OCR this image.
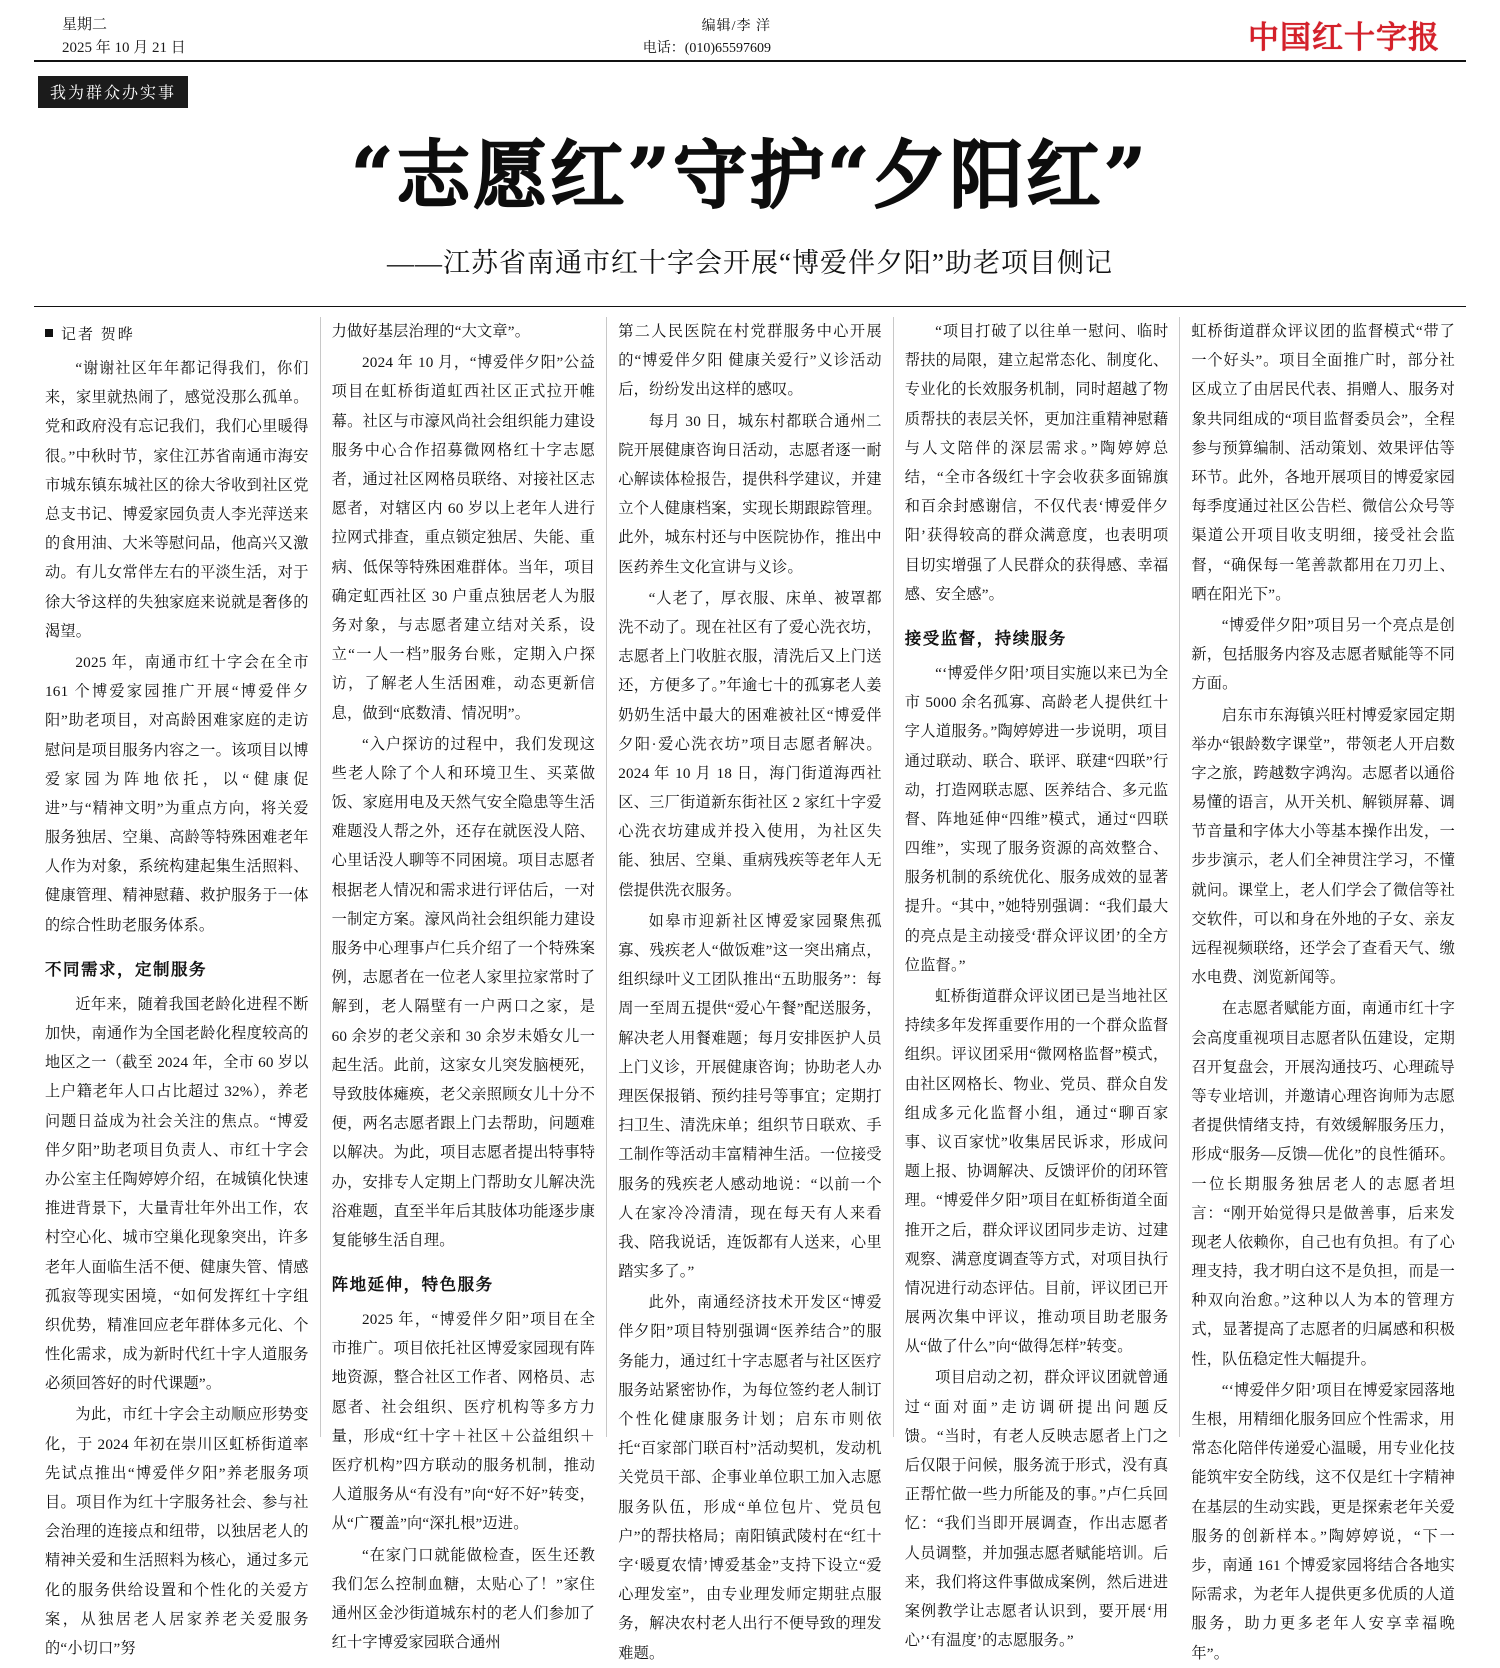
星期二
2025 年 10 月 21 日
编辑/李 洋
电话：(010)65597609	中国红十字报
我为群众办实事
“志愿红”守护“夕阳红”
——江苏省南通市红十字会开展“博爱伴夕阳”助老项目侧记
记者 贺晔

“谢谢社区年年都记得我们，你们来，家里就热闹了，感觉没那么孤单。党和政府没有忘记我们，我们心里暖得很。”中秋时节，家住江苏省南通市海安市城东镇东城社区的徐大爷收到社区党总支书记、博爱家园负责人李光萍送来的食用油、大米等慰问品，他高兴又激动。有儿女常伴左右的平淡生活，对于徐大爷这样的失独家庭来说就是奢侈的渴望。

2025 年，南通市红十字会在全市 161 个博爱家园推广开展“博爱伴夕阳”助老项目，对高龄困难家庭的走访慰问是项目服务内容之一。该项目以博爱家园为阵地依托，以“健康促进”与“精神文明”为重点方向，将关爱服务独居、空巢、高龄等特殊困难老年人作为对象，系统构建起集生活照料、健康管理、精神慰藉、救护服务于一体的综合性助老服务体系。

不同需求，定制服务

近年来，随着我国老龄化进程不断加快，南通作为全国老龄化程度较高的地区之一（截至 2024 年，全市 60 岁以上户籍老年人口占比超过 32%），养老问题日益成为社会关注的焦点。“博爱伴夕阳”助老项目负责人、市红十字会办公室主任陶婷婷介绍，在城镇化快速推进背景下，大量青壮年外出工作，农村空心化、城市空巢化现象突出，许多老年人面临生活不便、健康失管、情感孤寂等现实困境，“如何发挥红十字组织优势，精准回应老年群体多元化、个性化需求，成为新时代红十字人道服务必须回答好的时代课题”。

为此，市红十字会主动顺应形势变化，于 2024 年初在崇川区虹桥街道率先试点推出“博爱伴夕阳”养老服务项目。项目作为红十字服务社会、参与社会治理的连接点和纽带，以独居老人的精神关爱和生活照料为核心，通过多元化的服务供给设置和个性化的关爱方案，从独居老人居家养老关爱服务的“小切口”努

力做好基层治理的“大文章”。

2024 年 10 月，“博爱伴夕阳”公益项目在虹桥街道虹西社区正式拉开帷幕。社区与市濠风尚社会组织能力建设服务中心合作招募微网格红十字志愿者，通过社区网格员联络、对接社区志愿者，对辖区内 60 岁以上老年人进行拉网式排查，重点锁定独居、失能、重病、低保等特殊困难群体。当年，项目确定虹西社区 30 户重点独居老人为服务对象，与志愿者建立结对关系，设立“一人一档”服务台账，定期入户探访，了解老人生活困难，动态更新信息，做到“底数清、情况明”。

“入户探访的过程中，我们发现这些老人除了个人和环境卫生、买菜做饭、家庭用电及天然气安全隐患等生活难题没人帮之外，还存在就医没人陪、心里话没人聊等不同困境。项目志愿者根据老人情况和需求进行评估后，一对一制定方案。濠风尚社会组织能力建设服务中心理事卢仁兵介绍了一个特殊案例，志愿者在一位老人家里拉家常时了解到，老人隔壁有一户两口之家，是 60 余岁的老父亲和 30 余岁未婚女儿一起生活。此前，这家女儿突发脑梗死，导致肢体瘫痪，老父亲照顾女儿十分不便，两名志愿者跟上门去帮助，问题难以解决。为此，项目志愿者提出特事特办，安排专人定期上门帮助女儿解决洗浴难题，直至半年后其肢体功能逐步康复能够生活自理。

阵地延伸，特色服务

2025 年，“博爱伴夕阳”项目在全市推广。项目依托社区博爱家园现有阵地资源，整合社区工作者、网格员、志愿者、社会组织、医疗机构等多方力量，形成“红十字＋社区＋公益组织＋医疗机构”四方联动的服务机制，推动人道服务从“有没有”向“好不好”转变，从“广覆盖”向“深扎根”迈进。

“在家门口就能做检查，医生还教我们怎么控制血糖，太贴心了！”家住通州区金沙街道城东村的老人们参加了红十字博爱家园联合通州

第二人民医院在村党群服务中心开展的“博爱伴夕阳 健康关爱行”义诊活动后，纷纷发出这样的感叹。

每月 30 日，城东村都联合通州二院开展健康咨询日活动，志愿者逐一耐心解读体检报告，提供科学建议，并建立个人健康档案，实现长期跟踪管理。此外，城东村还与中医院协作，推出中医药养生文化宣讲与义诊。

“人老了，厚衣服、床单、被罩都洗不动了。现在社区有了爱心洗衣坊，志愿者上门收脏衣服，清洗后又上门送还，方便多了。”年逾七十的孤寡老人姜奶奶生活中最大的困难被社区“博爱伴夕阳·爱心洗衣坊”项目志愿者解决。2024 年 10 月 18 日，海门街道海西社区、三厂街道新东街社区 2 家红十字爱心洗衣坊建成并投入使用，为社区失能、独居、空巢、重病残疾等老年人无偿提供洗衣服务。

如皋市迎新社区博爱家园聚焦孤寡、残疾老人“做饭难”这一突出痛点，组织绿叶义工团队推出“五助服务”：每周一至周五提供“爱心午餐”配送服务，解决老人用餐难题；每月安排医护人员上门义诊，开展健康咨询；协助老人办理医保报销、预约挂号等事宜；定期打扫卫生、清洗床单；组织节日联欢、手工制作等活动丰富精神生活。一位接受服务的残疾老人感动地说：“以前一个人在家冷冷清清，现在每天有人来看我、陪我说话，连饭都有人送来，心里踏实多了。”

此外，南通经济技术开发区“博爱伴夕阳”项目特别强调“医养结合”的服务能力，通过红十字志愿者与社区医疗服务站紧密协作，为每位签约老人制订个性化健康服务计划；启东市则依托“百家部门联百村”活动契机，发动机关党员干部、企事业单位职工加入志愿服务队伍，形成“单位包片、党员包户”的帮扶格局；南阳镇武陵村在“红十字‘暖夏农情’博爱基金”支持下设立“爱心理发室”，由专业理发师定期驻点服务，解决农村老人出行不便导致的理发难题。

“项目打破了以往单一慰问、临时帮扶的局限，建立起常态化、制度化、专业化的长效服务机制，同时超越了物质帮扶的表层关怀，更加注重精神慰藉与人文陪伴的深层需求。”陶婷婷总结，“全市各级红十字会收获多面锦旗和百余封感谢信，不仅代表‘博爱伴夕阳’获得较高的群众满意度，也表明项目切实增强了人民群众的获得感、幸福感、安全感”。

接受监督，持续服务

“‘博爱伴夕阳’项目实施以来已为全市 5000 余名孤寡、高龄老人提供红十字人道服务。”陶婷婷进一步说明，项目通过联动、联合、联评、联建“四联”行动，打造网联志愿、医养结合、多元监督、阵地延伸“四维”模式，通过“四联四维”，实现了服务资源的高效整合、服务机制的系统优化、服务成效的显著提升。“其中，”她特别强调：“我们最大的亮点是主动接受‘群众评议团’的全方位监督。”

虹桥街道群众评议团已是当地社区持续多年发挥重要作用的一个群众监督组织。评议团采用“微网格监督”模式，由社区网格长、物业、党员、群众自发组成多元化监督小组，通过“聊百家事、议百家忧”收集居民诉求，形成问题上报、协调解决、反馈评价的闭环管理。“博爱伴夕阳”项目在虹桥街道全面推开之后，群众评议团同步走访、过建观察、满意度调查等方式，对项目执行情况进行动态评估。目前，评议团已开展两次集中评议，推动项目助老服务从“做了什么”向“做得怎样”转变。

项目启动之初，群众评议团就曾通过“面对面”走访调研提出问题反馈。“当时，有老人反映志愿者上门之后仅限于问候，服务流于形式，没有真正帮忙做一些力所能及的事。”卢仁兵回忆：“我们当即开展调查，作出志愿者人员调整，并加强志愿者赋能培训。后来，我们将这件事做成案例，然后进进案例教学让志愿者认识到，要开展‘用心’‘有温度’的志愿服务。”

虹桥街道群众评议团的监督模式“带了一个好头”。项目全面推广时，部分社区成立了由居民代表、捐赠人、服务对象共同组成的“项目监督委员会”，全程参与预算编制、活动策划、效果评估等环节。此外，各地开展项目的博爱家园每季度通过社区公告栏、微信公众号等渠道公开项目收支明细，接受社会监督，“确保每一笔善款都用在刀刃上、晒在阳光下”。

“博爱伴夕阳”项目另一个亮点是创新，包括服务内容及志愿者赋能等不同方面。

启东市东海镇兴旺村博爱家园定期举办“银龄数字课堂”，带领老人开启数字之旅，跨越数字鸿沟。志愿者以通俗易懂的语言，从开关机、解锁屏幕、调节音量和字体大小等基本操作出发，一步步演示，老人们全神贯注学习，不懂就问。课堂上，老人们学会了微信等社交软件，可以和身在外地的子女、亲友远程视频联络，还学会了查看天气、缴水电费、浏览新闻等。

在志愿者赋能方面，南通市红十字会高度重视项目志愿者队伍建设，定期召开复盘会，开展沟通技巧、心理疏导等专业培训，并邀请心理咨询师为志愿者提供情绪支持，有效缓解服务压力，形成“服务—反馈—优化”的良性循环。一位长期服务独居老人的志愿者坦言：“刚开始觉得只是做善事，后来发现老人依赖你，自己也有负担。有了心理支持，我才明白这不是负担，而是一种双向治愈。”这种以人为本的管理方式，显著提高了志愿者的归属感和积极性，队伍稳定性大幅提升。

“‘博爱伴夕阳’项目在博爱家园落地生根，用精细化服务回应个性需求，用常态化陪伴传递爱心温暖，用专业化技能筑牢安全防线，这不仅是红十字精神在基层的生动实践，更是探索老年关爱服务的创新样本。”陶婷婷说，“下一步，南通 161 个博爱家园将结合各地实际需求，为老年人提供更多优质的人道服务，助力更多老年人安享幸福晚年”。
